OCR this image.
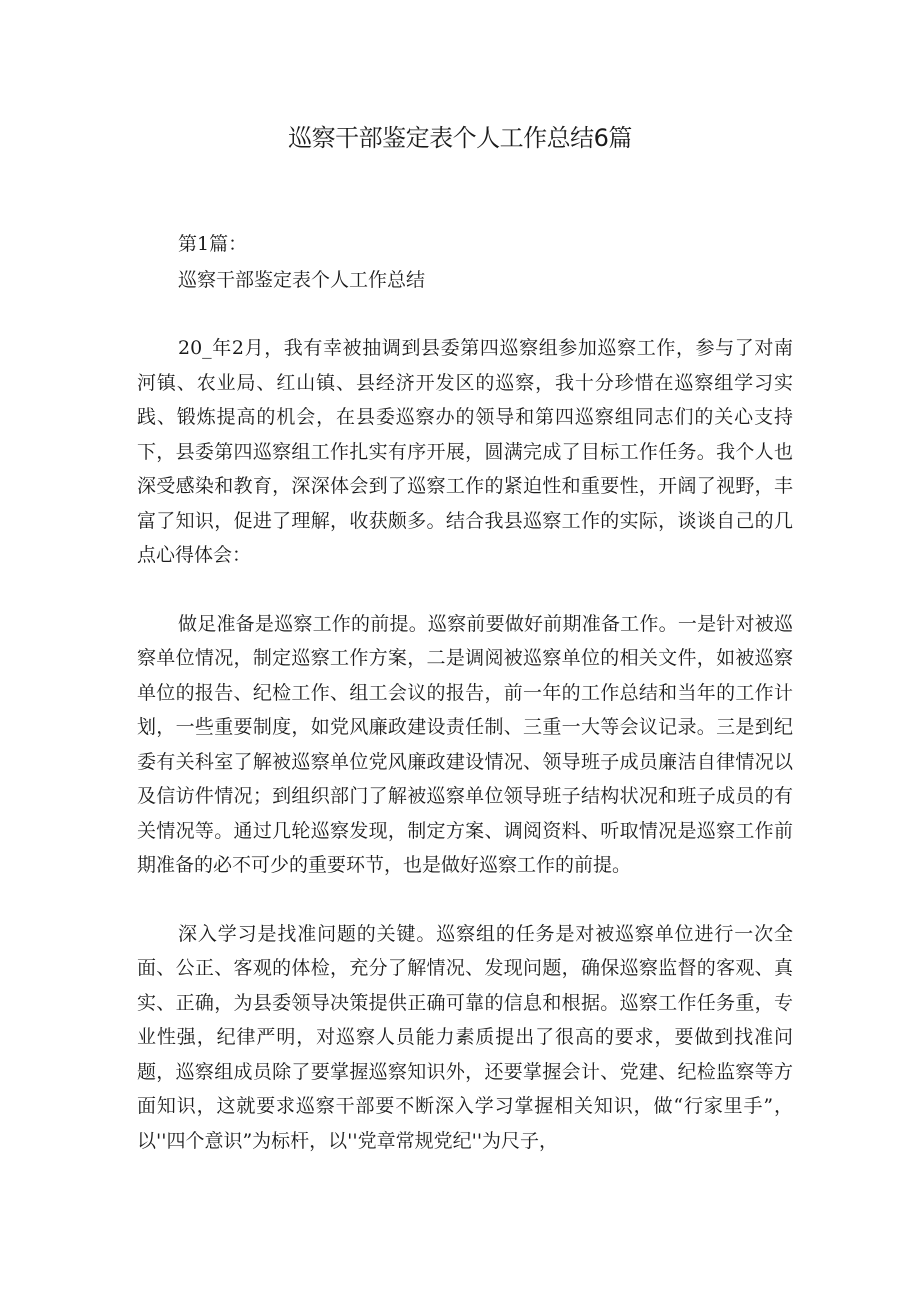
巡察干部鉴定表个人工作总结6篇

第1篇：

巡察干部鉴定表个人工作总结

20_年2月，我有幸被抽调到县委第四巡察组参加巡察工作，参与了对南河镇、农业局、红山镇、县经济开发区的巡察，我十分珍惜在巡察组学习实践、锻炼提高的机会，在县委巡察办的领导和第四巡察组同志们的关心支持下，县委第四巡察组工作扎实有序开展，圆满完成了目标工作任务。我个人也深受感染和教育，深深体会到了巡察工作的紧迫性和重要性，开阔了视野，丰富了知识，促进了理解，收获颇多。结合我县巡察工作的实际，谈谈自己的几点心得体会：

做足准备是巡察工作的前提。巡察前要做好前期准备工作。一是针对被巡察单位情况，制定巡察工作方案，二是调阅被巡察单位的相关文件，如被巡察单位的报告、纪检工作、组工会议的报告，前一年的工作总结和当年的工作计划，一些重要制度，如党风廉政建设责任制、三重一大等会议记录。三是到纪委有关科室了解被巡察单位党风廉政建设情况、领导班子成员廉洁自律情况以及信访件情况；到组织部门了解被巡察单位领导班子结构状况和班子成员的有关情况等。通过几轮巡察发现，制定方案、调阅资料、听取情况是巡察工作前期准备的必不可少的重要环节，也是做好巡察工作的前提。

深入学习是找准问题的关键。巡察组的任务是对被巡察单位进行一次全面、公正、客观的体检，充分了解情况、发现问题，确保巡察监督的客观、真实、正确，为县委领导决策提供正确可靠的信息和根据。巡察工作任务重，专业性强，纪律严明，对巡察人员能力素质提出了很高的要求，要做到找准问题，巡察组成员除了要掌握巡察知识外，还要掌握会计、党建、纪检监察等方面知识，这就要求巡察干部要不断深入学习掌握相关知识，做“行家里手”，以''四个意识”为标杆，以''党章常规党纪''为尺子，
